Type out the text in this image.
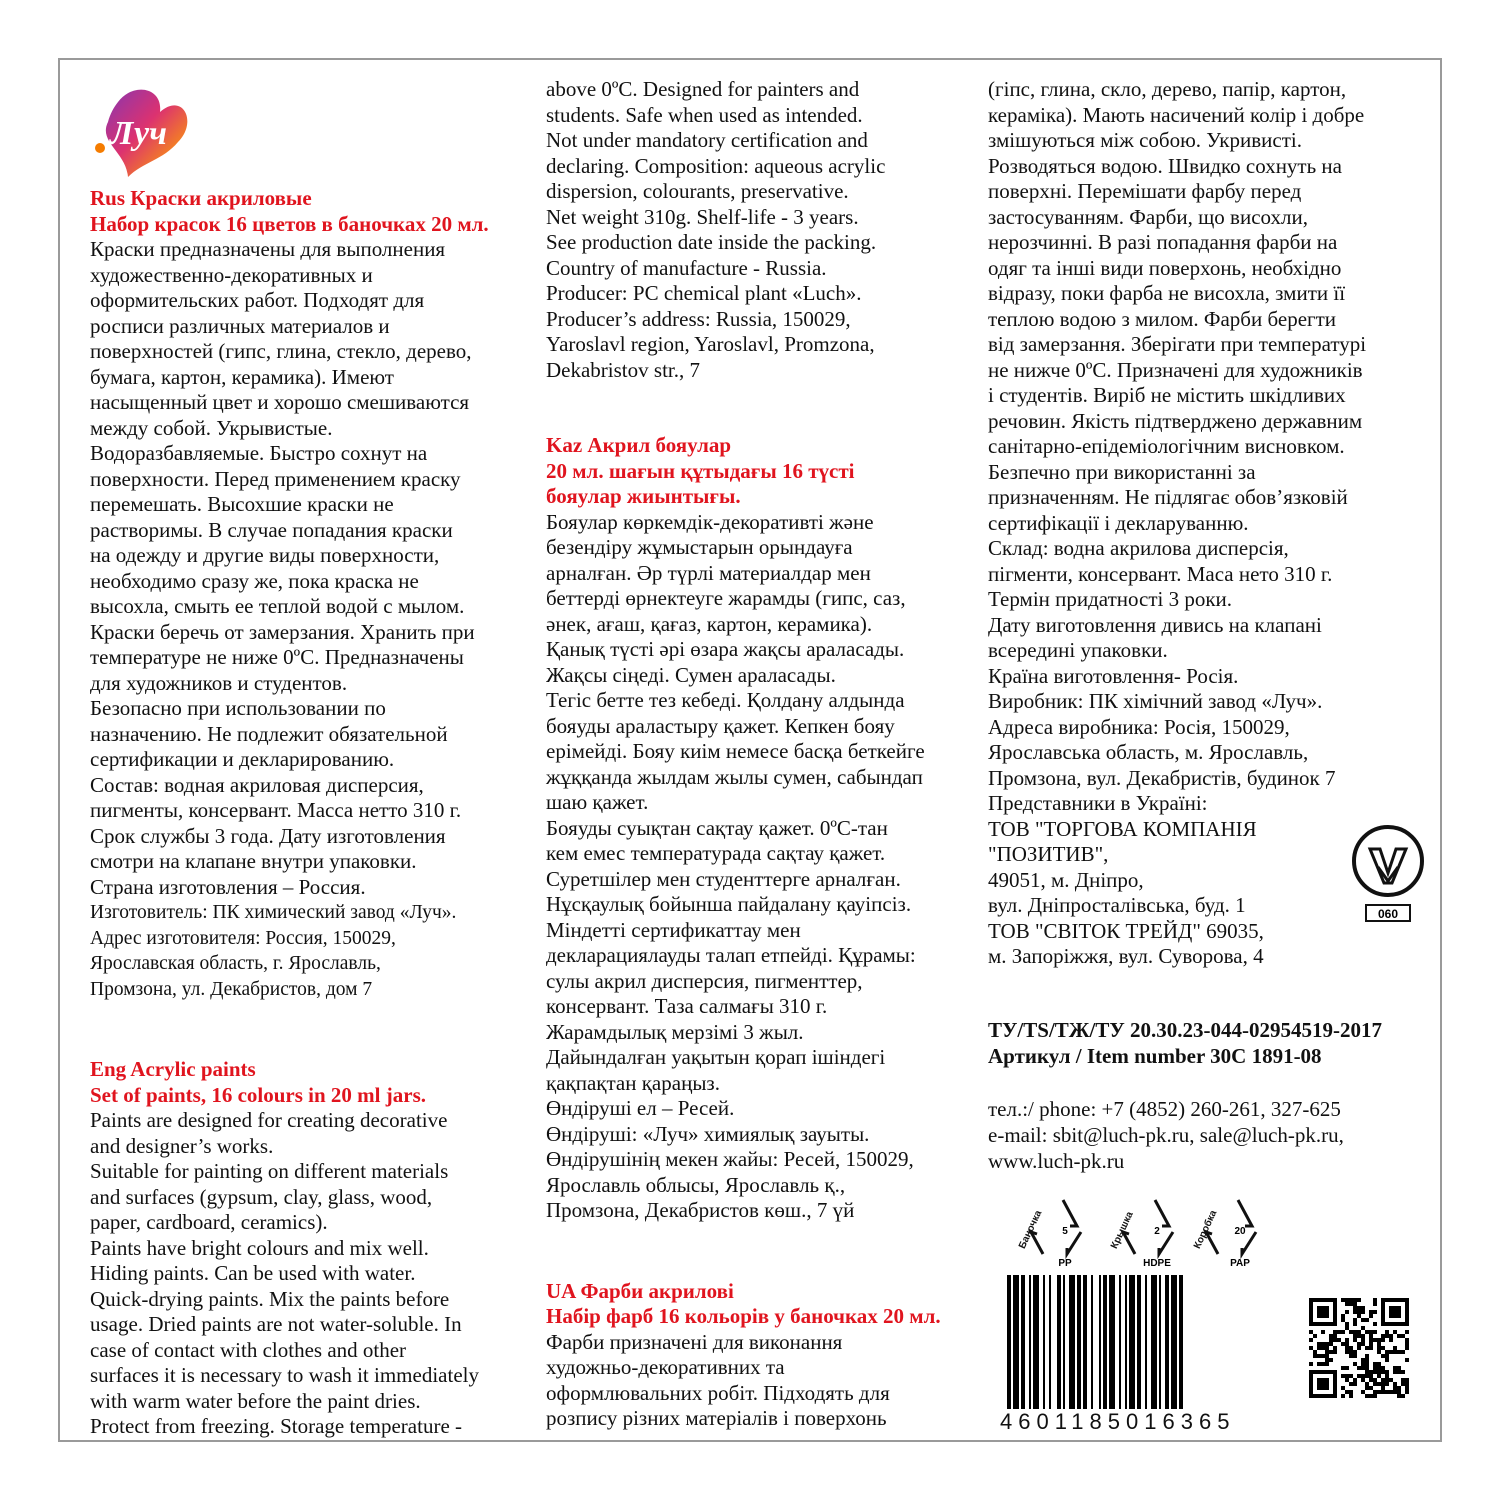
Луч
Rus Краски акриловые
Набор красок 16 цветов в баночках 20 мл.

Краски предназначены для выполнения
художественно-декоративных и
оформительских работ. Подходят для
росписи различных материалов и
поверхностей (гипс, глина, стекло, дерево,
бумага, картон, керамика). Имеют
насыщенный цвет и хорошо смешиваются
между собой. Укрывистые.
Водоразбавляемые. Быстро сохнут на
поверхности. Перед применением краску
перемешать. Высохшие краски не
растворимы. В случае попадания краски
на одежду и другие виды поверхности,
необходимо сразу же, пока краска не
высохла, смыть ее теплой водой с мылом.
Краски беречь от замерзания. Хранить при
температуре не ниже 0ºС. Предназначены
для художников и студентов.
Безопасно при использовании по
назначению. Не подлежит обязательной
сертификации и декларированию.
Состав: водная акриловая дисперсия,
пигменты, консервант. Масса нетто 310 г.
Срок службы 3 года. Дату изготовления
смотри на клапане внутри упаковки.
Страна изготовления – Россия.

Изготовитель: ПК химический завод «Луч».
Адрес изготовителя: Россия, 150029,
Ярославская область, г. Ярославль,
Промзона, ул. Декабристов, дом 7

Eng Acrylic paints
Set of paints, 16 colours in 20 ml jars.

Paints are designed for creating decorative
and designer’s works.
Suitable for painting on different materials
and surfaces (gypsum, clay, glass, wood,
paper, cardboard, ceramics).
Paints have bright colours and mix well.
Hiding paints. Can be used with water.
Quick-drying paints. Mix the paints before
usage. Dried paints are not water-soluble. In
case of contact with clothes and other
surfaces it is necessary to wash it immediately
with warm water before the paint dries.
Protect from freezing. Storage temperature -

above 0ºC. Designed for painters and
students. Safe when used as intended.
Not under mandatory certification and
declaring. Composition: aqueous acrylic
dispersion, colourants, preservative.
Net weight 310g. Shelf-life - 3 years.
See production date inside the packing.
Country of manufacture - Russia.
Producer: PC chemical plant «Luch».
Producer’s address: Russia, 150029,
Yaroslavl region, Yaroslavl, Promzona,
Dekabristov str., 7

Kaz Акрил бояулар
20 мл. шағын құтыдағы 16 түсті
бояулар жиынтығы.

Бояулар көркемдік-декоративті және
безендіру жұмыстарын орындауға
арналған. Әр түрлі материалдар мен
беттерді өрнектеуге жарамды (гипс, саз,
әнек, ағаш, қағаз, картон, керамика).
Қанық түсті әрі өзара жақсы араласады.
Жақсы сіңеді. Сумен араласады.
Тегіс бетте тез кебеді. Қолдану алдында
бояуды араластыру қажет. Кепкен бояу
ерімейді. Бояу киім немесе басқа беткейге
жұққанда жылдам жылы сумен, сабындап
шаю қажет.
Бояуды суықтан сақтау қажет. 0ºС-тан
кем емес температурада сақтау қажет.
Суретшілер мен студенттерге арналған.
Нұсқаулық бойынша пайдалану қауіпсіз.
Міндетті сертификаттау мен
декларациялауды талап етпейді. Құрамы:
сулы акрил дисперсия, пигменттер,
консервант. Таза салмағы 310 г.
Жарамдылық мерзімі 3 жыл.
Дайындалған уақытын қорап ішіндегі
қақпақтан қараңыз.
Өндіруші ел – Ресей.
Өндіруші: «Луч» химиялық зауыты.
Өндірушінің мекен жайы: Ресей, 150029,
Ярославль облысы, Ярославль қ.,
Промзона, Декабристов көш., 7 үй

UA Фарби акрилові
Набір фарб 16 кольорів у баночках 20 мл.

Фарби призначені для виконання
художньо-декоративних та
оформлювальних робіт. Підходять для
розпису різних матеріалів і поверхонь

(гіпс, глина, скло, дерево, папір, картон,
кераміка). Мають насичений колір і добре
змішуються між собою. Укривисті.
Розводяться водою. Швидко сохнуть на
поверхні. Перемішати фарбу перед
застосуванням. Фарби, що висохли,
нерозчинні. В разі попадання фарби на
одяг та інші види поверхонь, необхідно
відразу, поки фарба не висохла, змити її
теплою водою з милом. Фарби берегти
від замерзання. Зберігати при температурі
не нижче 0ºС. Призначені для художників
і студентів. Виріб не містить шкідливих
речовин. Якість підтверджено державним
санітарно-епідеміологічним висновком.
Безпечно при використанні за
призначенням. Не підлягає обов’язковій
сертифікації і декларуванню.
Склад: водна акрилова дисперсія,
пігменти, консервант. Маса нето 310 г.
Термін придатності 3 роки.
Дату виготовлення дивись на клапані
всередині упаковки.
Країна виготовлення- Росія.
Виробник: ПК хімічний завод «Луч».
Адреса виробника: Росія, 150029,
Ярославська область, м. Ярославль,
Промзона, вул. Декабристів, будинок 7
Представники в Україні:
ТОВ "ТОРГОВА КОМПАНІЯ
"ПОЗИТИВ",
49051, м. Дніпро,
вул. Дніпросталівська, буд. 1
ТОВ "СВІТОК ТРЕЙД" 69035,
м. Запоріжжя, вул. Суворова, 4

060
ТУ/TS/ТЖ/ТУ 20.30.23-044-02954519-2017
Артикул / Item number 30С 1891-08
тел.:/ phone: +7 (4852) 260-261, 327-625
e-mail: sbit@luch-pk.ru, sale@luch-pk.ru,
www.luch-pk.ru
Баночка 5
PP
Крышка 2
HDPE
Коробка 20
PAP
4601185016365
